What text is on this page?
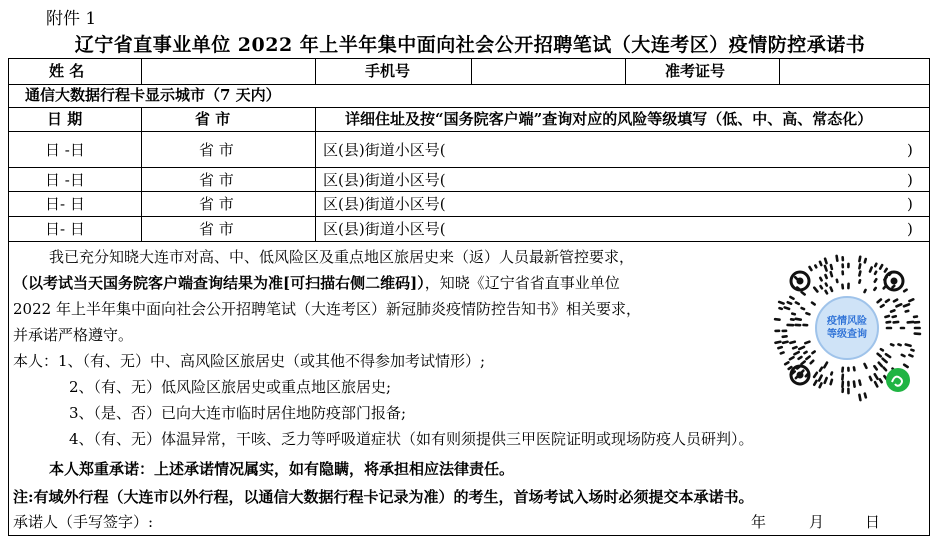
附件 1
辽宁省直事业单位 2022 年上半年集中面向社会公开招聘笔试（大连考区）疫情防控承诺书
姓 名	手机号	准考证号
通信大数据行程卡显示城市（7 天内）
日 期	省 市	详细住址及按“国务院客户端”查询对应的风险等级填写（低、中、高、常态化）
日 -日	省 市	区(县)街道小区号(	)
日 -日	省 市	区(县)街道小区号(	)
日- 日	省 市	区(县)街道小区号(	)
日- 日	省 市	区(县)街道小区号(	)
我已充分知晓大连市对高、中、低风险区及重点地区旅居史来（返）人员最新管控要求，
（以考试当天国务院客户端查询结果为准[可扫描右侧二维码]），知晓《辽宁省省直事业单位
2022 年上半年集中面向社会公开招聘笔试（大连考区）新冠肺炎疫情防控告知书》相关要求，
并承诺严格遵守。
本人：1、（有、无）中、高风险区旅居史（或其他不得参加考试情形）;
2、（有、无）低风险区旅居史或重点地区旅居史;
3、（是、否）已向大连市临时居住地防疫部门报备;
4、（有、无）体温异常，干咳、乏力等呼吸道症状（如有则须提供三甲医院证明或现场防疫人员研判）。
本人郑重承诺：上述承诺情况属实，如有隐瞒，将承担相应法律责任。
注:有域外行程（大连市以外行程，以通信大数据行程卡记录为准）的考生，首场考试入场时必须提交本承诺书。
承诺人（手写签字）:	年	月	日
疫情风险
等级查询
